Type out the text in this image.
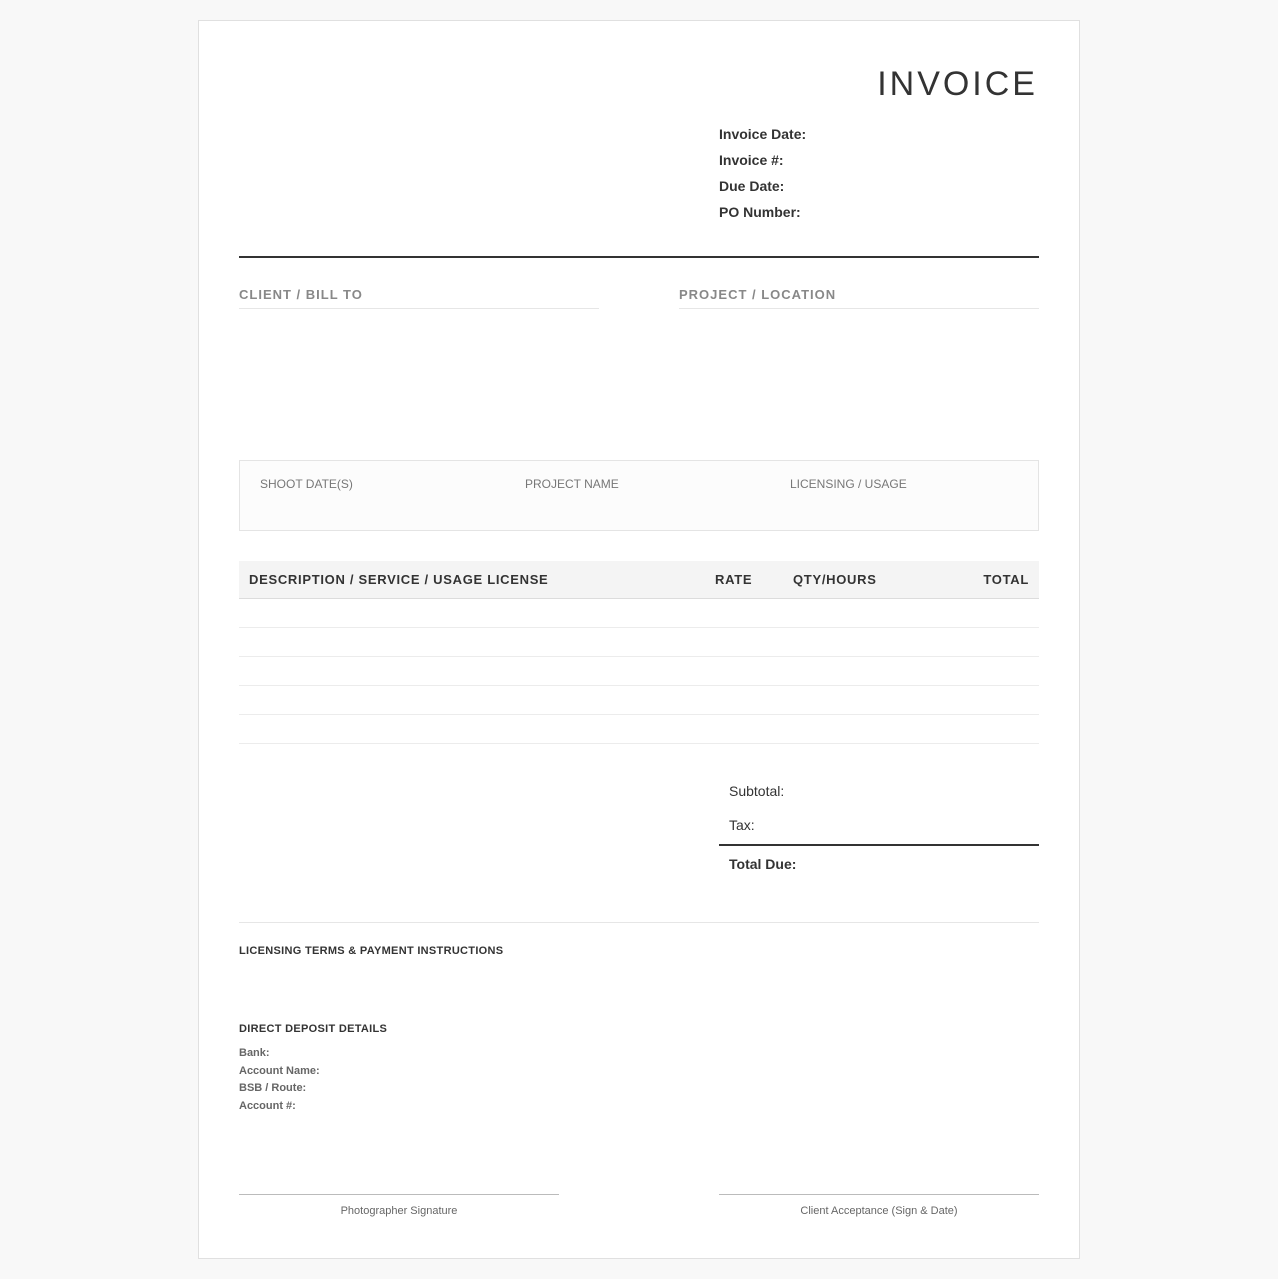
INVOICE
Invoice Date:
Invoice #:
Due Date:
PO Number:
CLIENT / BILL TO	PROJECT / LOCATION
SHOOT DATE(S)	PROJECT NAME	LICENSING / USAGE
DESCRIPTION / SERVICE / USAGE LICENSE	RATE	QTY/HOURS	TOTAL
Subtotal:
Tax:
Total Due:
LICENSING TERMS & PAYMENT INSTRUCTIONS
DIRECT DEPOSIT DETAILS
Bank:
Account Name:
BSB / Route:
Account #:
Photographer Signature	Client Acceptance (Sign & Date)
